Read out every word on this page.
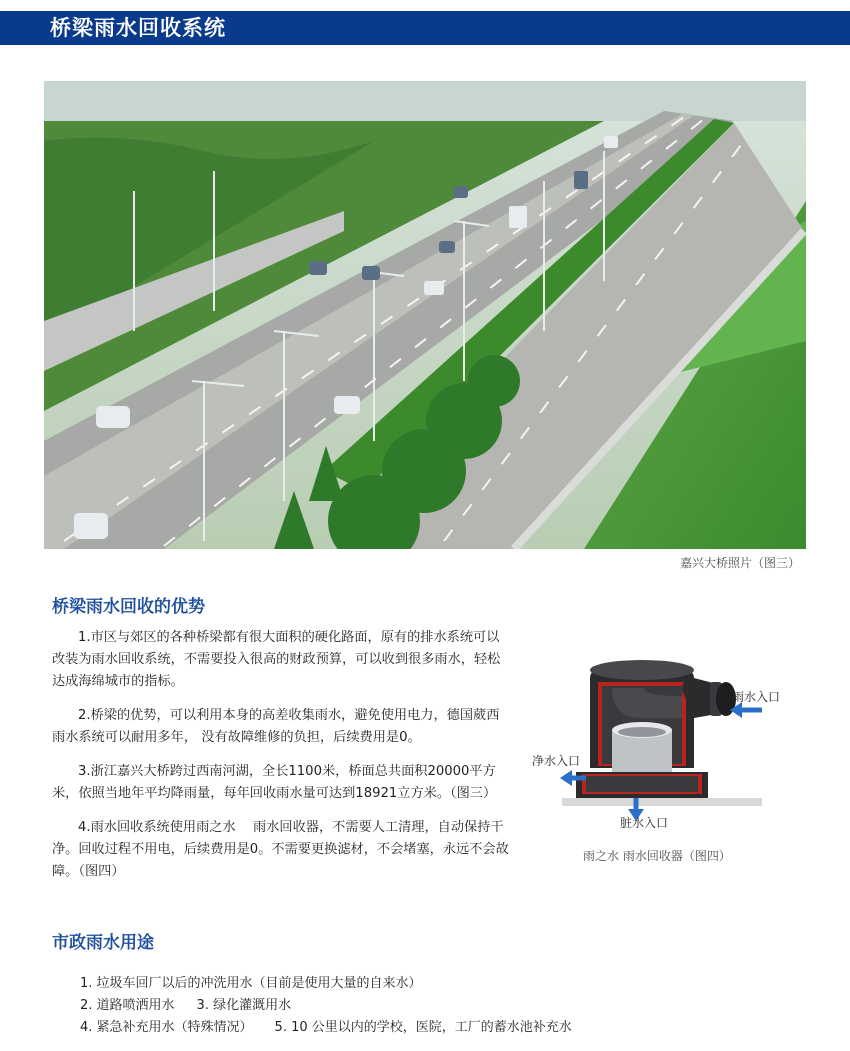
桥梁雨水回收系统
嘉兴大桥照片（图三）
桥梁雨水回收的优势

1.市区与郊区的各种桥梁都有很大面积的硬化路面，原有的排水系统可以改装为雨水回收系统，不需要投入很高的财政预算，可以收到很多雨水，轻松达成海绵城市的指标。

2.桥梁的优势，可以利用本身的高差收集雨水，避免使用电力，德国葳西雨水系统可以耐用多年， 没有故障维修的负担，后续费用是0。

3.浙江嘉兴大桥跨过西南河湖，全长1100米，桥面总共面积20000平方米，依照当地年平均降雨量，每年回收雨水量可达到18921立方米。（图三）

4.雨水回收系统使用雨之水　 雨水回收器，不需要人工清理，自动保持干净。回收过程不用电，后续费用是0。不需要更换滤材，不会堵塞，永远不会故障。（图四）

雨水入口
净水入口
脏水入口
雨之水 雨水回收器（图四）
市政雨水用途
1. 垃圾车回厂以后的冲洗用水（目前是使用大量的自来水）
2. 道路喷洒用水 3. 绿化灌溉用水
4. 紧急补充用水（特殊情况） 5. 10 公里以内的学校，医院，工厂的蓄水池补充水
